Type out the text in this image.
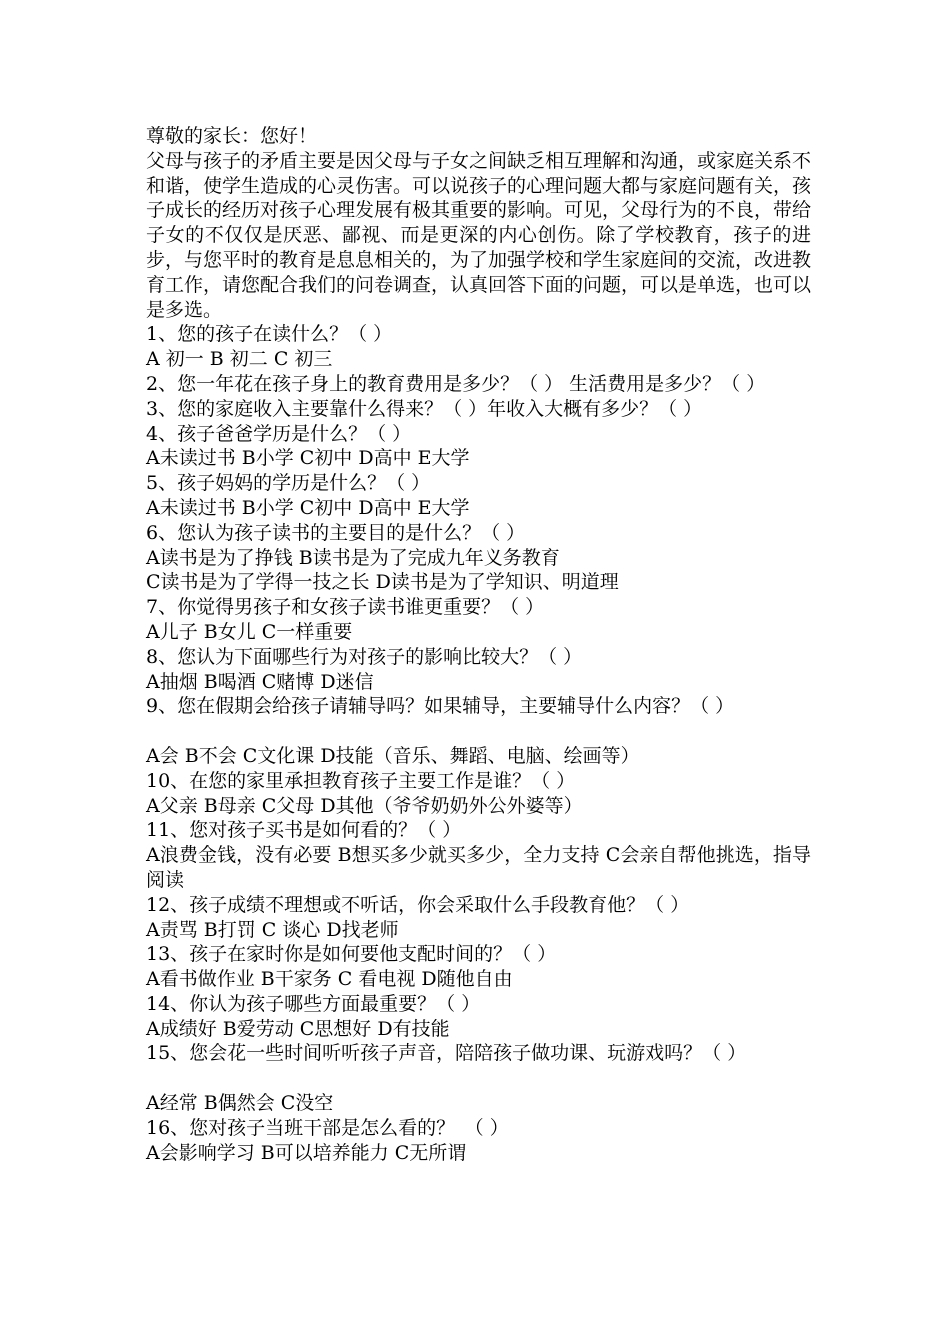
尊敬的家长：您好！

父母与孩子的矛盾主要是因父母与子女之间缺乏相互理解和沟通，或家庭关系不和谐，使学生造成的心灵伤害。可以说孩子的心理问题大都与家庭问题有关，孩子成长的经历对孩子心理发展有极其重要的影响。可见，父母行为的不良，带给子女的不仅仅是厌恶、鄙视、而是更深的内心创伤。除了学校教育，孩子的进步，与您平时的教育是息息相关的，为了加强学校和学生家庭间的交流，改进教育工作，请您配合我们的问卷调查，认真回答下面的问题，可以是单选，也可以是多选。

1、您的孩子在读什么？（ ）

A 初一 B 初二 C 初三

2、您一年花在孩子身上的教育费用是多少？（ ） 生活费用是多少？（ ）

3、您的家庭收入主要靠什么得来？（ ）年收入大概有多少？（ ）

4、孩子爸爸学历是什么？（ ）

A未读过书 B小学 C初中 D高中 E大学

5、孩子妈妈的学历是什么？（ ）

A未读过书 B小学 C初中 D高中 E大学

6、您认为孩子读书的主要目的是什么？（ ）

A读书是为了挣钱 B读书是为了完成九年义务教育

C读书是为了学得一技之长 D读书是为了学知识、明道理

7、你觉得男孩子和女孩子读书谁更重要？（ ）

A儿子 B女儿 C一样重要

8、您认为下面哪些行为对孩子的影响比较大？（ ）

A抽烟 B喝酒 C赌博 D迷信

9、您在假期会给孩子请辅导吗？如果辅导，主要辅导什么内容？（ ）

A会 B不会 C文化课 D技能（音乐、舞蹈、电脑、绘画等）

10、在您的家里承担教育孩子主要工作是谁？（ ）

A父亲 B母亲 C父母 D其他（爷爷奶奶外公外婆等）

11、您对孩子买书是如何看的？（ ）

A浪费金钱，没有必要 B想买多少就买多少，全力支持 C会亲自帮他挑选，指导阅读

12、孩子成绩不理想或不听话，你会采取什么手段教育他？（ ）

A责骂 B打罚 C 谈心 D找老师

13、孩子在家时你是如何要他支配时间的？（ ）

A看书做作业 B干家务 C 看电视 D随他自由

14、你认为孩子哪些方面最重要？（ ）

A成绩好 B爱劳动 C思想好 D有技能

15、您会花一些时间听听孩子声音，陪陪孩子做功课、玩游戏吗？（ ）

A经常 B偶然会 C没空

16、您对孩子当班干部是怎么看的？　（ ）

A会影响学习 B可以培养能力 C无所谓
